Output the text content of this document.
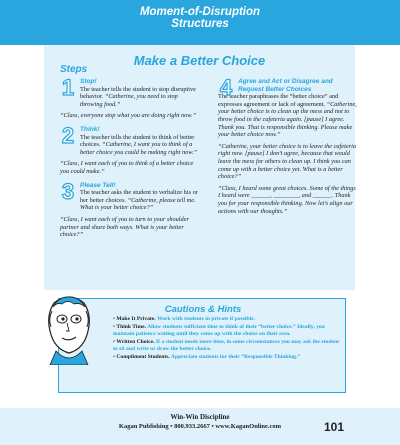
Moment-of-Disruption
Structures
Make a Better Choice
Steps
1 Stop!
The teacher tells the student to stop disruptive behavior. “Catherine, you need to stop throwing food.”
“Class, everyone stop what you are doing right now.”
2 Think!
The teacher tells the student to think of better choices. “Catherine, I want you to think of a better choice you could be making right now.”
“Class, I want each of you to think of a better choice you could make.”
3 Please Tell!
The teacher asks the student to verbalize his or her better choices. “Catherine, please tell me. What is your better choice?”
“Class, I want each of you to turn to your shoulder partner and share both ways. What is your better choice?”
4 Agree and Act or Disagree and Request Better Choices
The teacher paraphrases the “better choice” and expresses agreement or lack of agreement. “Catherine, your better choice is to clean up the mess and not to throw food in the cafeteria again. [pause] I agree. Thank you. That is responsible thinking. Please make your better choice now.”
“Catherine, your better choice is to leave the cafeteria right now. [pause] I don’t agree, because that would leave the mess for others to clean up. I think you can come up with a better choice yet. What is a better choice?”
“Class, I heard some great choices. Some of the things I heard were ______, ________, and ______. Thank you for your responsible thinking. Now let’s align our actions with our thoughts.”
Cautions & Hints
• Make It Private. Work with students in private if possible.
• Think Time. Allow students sufficient time to think of their “better choice.” Ideally, you maintain patience waiting until they come up with the choice on their own.
• Written Choice. If a student needs more time, in some circumstances you may ask the student to sit and write or draw the better choice.
• Compliment Students. Appreciate students for their “Responsible Thinking.”
Win-Win Discipline
Kagan Publishing • 800.933.2667 • www.KaganOnline.com	101
